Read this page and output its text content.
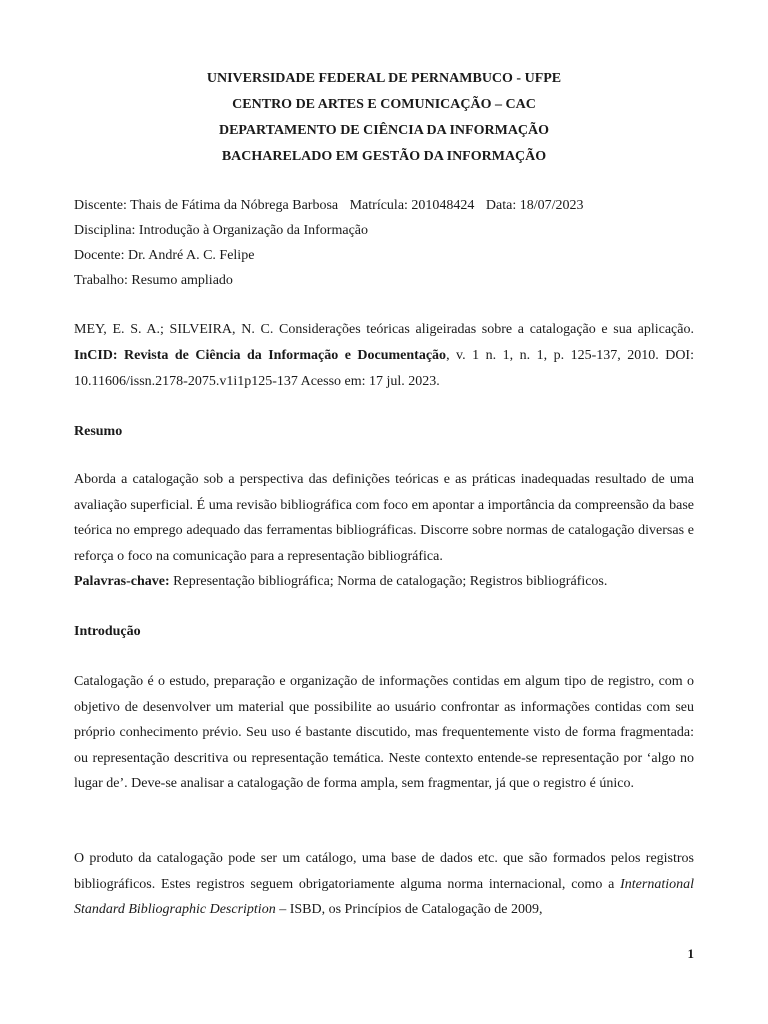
UNIVERSIDADE FEDERAL DE PERNAMBUCO - UFPE
CENTRO DE ARTES E COMUNICAÇÃO – CAC
DEPARTAMENTO DE CIÊNCIA DA INFORMAÇÃO
BACHARELADO EM GESTÃO DA INFORMAÇÃO
Discente: Thais de Fátima da Nóbrega Barbosa Matrícula: 201048424 Data: 18/07/2023
Disciplina: Introdução à Organização da Informação
Docente: Dr. André A. C. Felipe
Trabalho: Resumo ampliado
MEY, E. S. A.; SILVEIRA, N. C. Considerações teóricas aligeiradas sobre a catalogação e sua aplicação. InCID: Revista de Ciência da Informação e Documentação, v. 1 n. 1, n. 1, p. 125-137, 2010. DOI: 10.11606/issn.2178-2075.v1i1p125-137 Acesso em: 17 jul. 2023.
Resumo
Aborda a catalogação sob a perspectiva das definições teóricas e as práticas inadequadas resultado de uma avaliação superficial. É uma revisão bibliográfica com foco em apontar a importância da compreensão da base teórica no emprego adequado das ferramentas bibliográficas. Discorre sobre normas de catalogação diversas e reforça o foco na comunicação para a representação bibliográfica.
Palavras-chave: Representação bibliográfica; Norma de catalogação; Registros bibliográficos.
Introdução
Catalogação é o estudo, preparação e organização de informações contidas em algum tipo de registro, com o objetivo de desenvolver um material que possibilite ao usuário confrontar as informações contidas com seu próprio conhecimento prévio. Seu uso é bastante discutido, mas frequentemente visto de forma fragmentada: ou representação descritiva ou representação temática. Neste contexto entende-se representação por ‘algo no lugar de’. Deve-se analisar a catalogação de forma ampla, sem fragmentar, já que o registro é único.
O produto da catalogação pode ser um catálogo, uma base de dados etc. que são formados pelos registros bibliográficos. Estes registros seguem obrigatoriamente alguma norma internacional, como a International Standard Bibliographic Description – ISBD, os Princípios de Catalogação de 2009,
1
